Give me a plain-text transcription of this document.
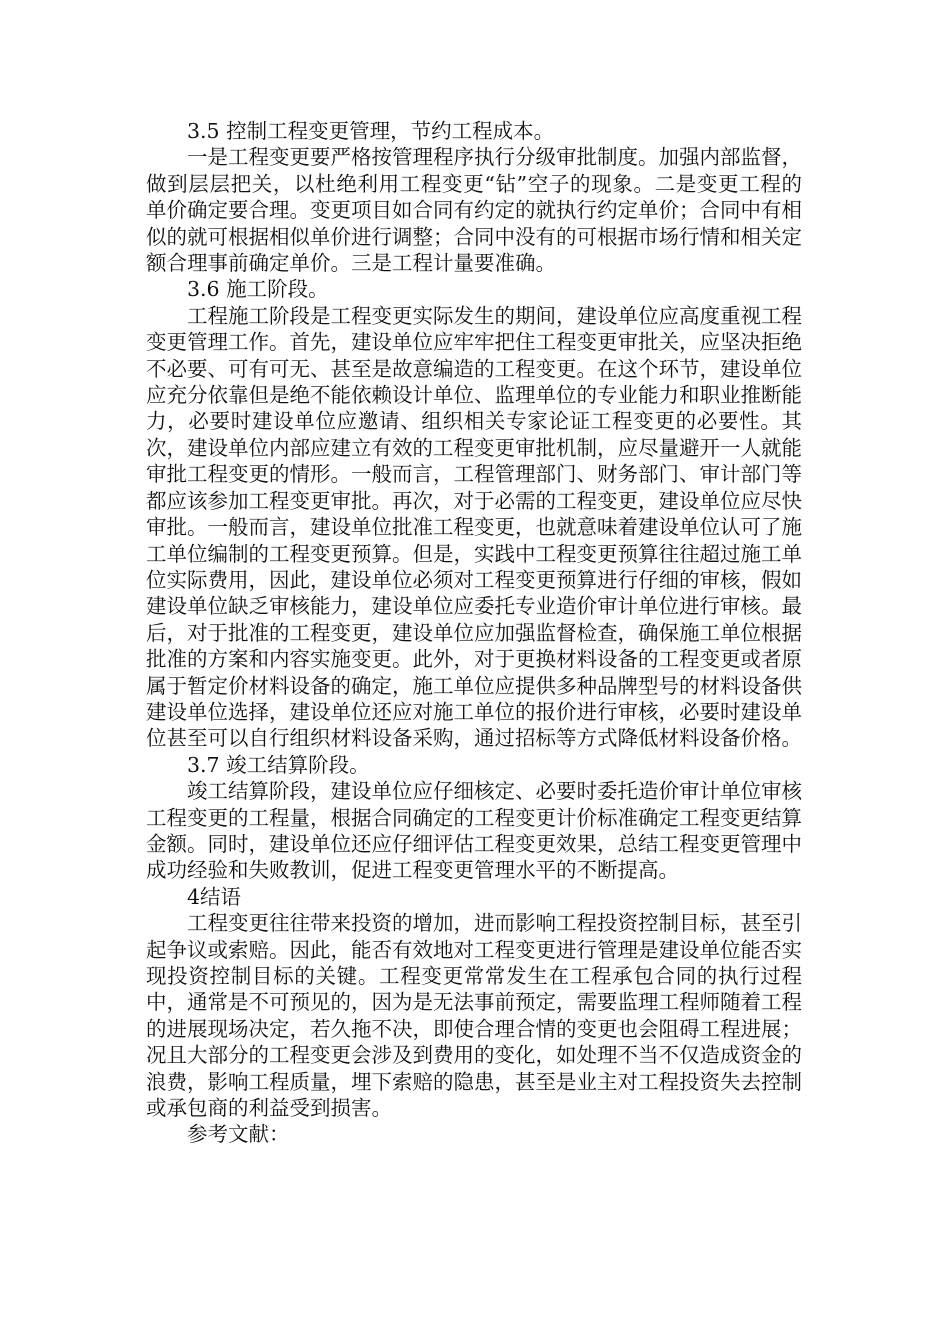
3.5 控制工程变更管理，节约工程成本。

一是工程变更要严格按管理程序执行分级审批制度。加强内部监督，做到层层把关，以杜绝利用工程变更“钻”空子的现象。二是变更工程的单价确定要合理。变更项目如合同有约定的就执行约定单价；合同中有相似的就可根据相似单价进行调整；合同中没有的可根据市场行情和相关定额合理事前确定单价。三是工程计量要准确。

3.6 施工阶段。

工程施工阶段是工程变更实际发生的期间，建设单位应高度重视工程变更管理工作。首先，建设单位应牢牢把住工程变更审批关，应坚决拒绝不必要、可有可无、甚至是故意编造的工程变更。在这个环节，建设单位应充分依靠但是绝不能依赖设计单位、监理单位的专业能力和职业推断能力，必要时建设单位应邀请、组织相关专家论证工程变更的必要性。其次，建设单位内部应建立有效的工程变更审批机制，应尽量避开一人就能审批工程变更的情形。一般而言，工程管理部门、财务部门、审计部门等都应该参加工程变更审批。再次，对于必需的工程变更，建设单位应尽快审批。一般而言，建设单位批准工程变更，也就意味着建设单位认可了施工单位编制的工程变更预算。但是，实践中工程变更预算往往超过施工单位实际费用，因此，建设单位必须对工程变更预算进行仔细的审核，假如建设单位缺乏审核能力，建设单位应委托专业造价审计单位进行审核。最后，对于批准的工程变更，建设单位应加强监督检查，确保施工单位根据批准的方案和内容实施变更。此外，对于更换材料设备的工程变更或者原属于暂定价材料设备的确定，施工单位应提供多种品牌型号的材料设备供建设单位选择，建设单位还应对施工单位的报价进行审核，必要时建设单位甚至可以自行组织材料设备采购，通过招标等方式降低材料设备价格。

3.7 竣工结算阶段。

竣工结算阶段，建设单位应仔细核定、必要时委托造价审计单位审核工程变更的工程量，根据合同确定的工程变更计价标准确定工程变更结算金额。同时，建设单位还应仔细评估工程变更效果，总结工程变更管理中成功经验和失败教训，促进工程变更管理水平的不断提高。

4结语

工程变更往往带来投资的增加，进而影响工程投资控制目标，甚至引起争议或索赔。因此，能否有效地对工程变更进行管理是建设单位能否实现投资控制目标的关键。工程变更常常发生在工程承包合同的执行过程中，通常是不可预见的，因为是无法事前预定，需要监理工程师随着工程的进展现场决定，若久拖不决，即使合理合情的变更也会阻碍工程进展；况且大部分的工程变更会涉及到费用的变化，如处理不当不仅造成资金的浪费，影响工程质量，埋下索赔的隐患，甚至是业主对工程投资失去控制或承包商的利益受到损害。

参考文献：
